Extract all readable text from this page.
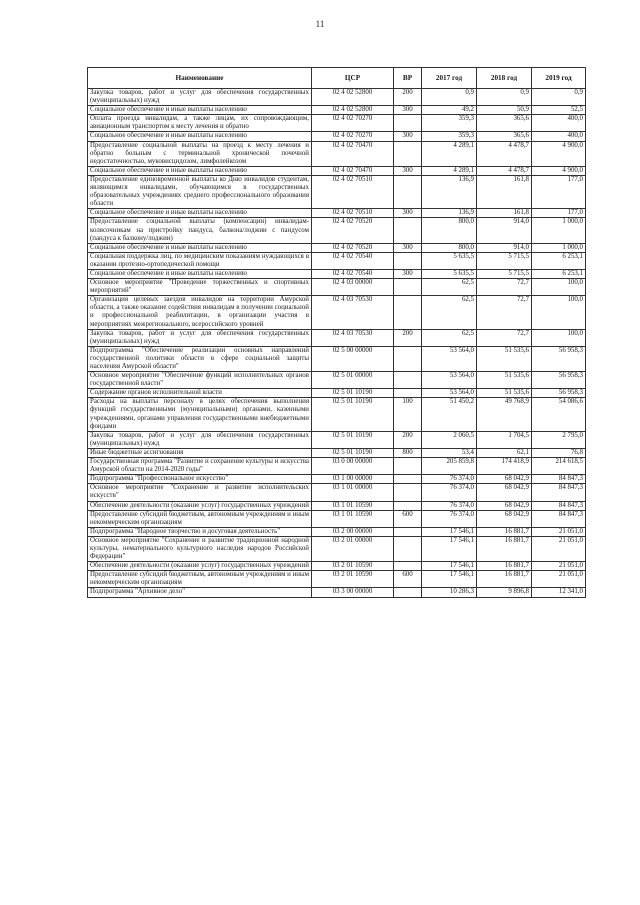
11
Наименование	ЦСР	ВР	2017 год	2018 год	2019 год
Закупка товаров, работ и услуг для обеспечения государственных (муниципальных) нужд	02 4 02 52800	200	0,9	0,9	0,9
Социальное обеспечение и иные выплаты населению	02 4 02 52800	300	49,2	50,9	52,5
Оплата проезда инвалидам, а также лицам, их сопровождающим, авиационным транспортом к месту лечения и обратно	02 4 02 70270		359,3	365,6	400,0
Социальное обеспечение и иные выплаты населению	02 4 02 70270	300	359,3	365,6	400,0
Предоставление социальной выплаты на проезд к месту лечения и обратно больным с терминальной хронической почечной недостаточностью, муковисцидозом, лимфолейкозом	02 4 02 70470		4 289,1	4 478,7	4 900,0
Социальное обеспечение и иные выплаты населению	02 4 02 70470	300	4 289,1	4 478,7	4 900,0
Предоставление единовременной выплаты ко Дню инвалидов студентам, являющимся инвалидами, обучающимся в государственных образовательных учреждениях среднего профессионального образования области	02 4 02 70510		136,9	161,8	177,0
Социальное обеспечение и иные выплаты населению	02 4 02 70510	300	136,9	161,8	177,0
Предоставление социальной выплаты (компенсации) инвалидам-колясочникам на пристройку пандуса, балкона/лоджии с пандусом (пандуса к балкону/лоджии)	02 4 02 70520		800,0	914,0	1 000,0
Социальное обеспечение и иные выплаты населению	02 4 02 70520	300	800,0	914,0	1 000,0
Социальная поддержка лиц, по медицинским показаниям нуждающихся в оказании протезно-ортопедической помощи	02 4 02 70540		5 635,5	5 715,5	6 253,1
Социальное обеспечение и иные выплаты населению	02 4 02 70540	300	5 635,5	5 715,5	6 253,1
Основное мероприятие "Проведение торжественных и спортивных мероприятий"	02 4 03 00000		62,5	72,7	100,0
Организация целевых заездов инвалидов на территории Амурской области, а также оказание содействия инвалидам в получении социальной и профессиональной реабилитации, в организации участия в мероприятиях межрегионального, всероссийского уровней	02 4 03 70530		62,5	72,7	100,0
Закупка товаров, работ и услуг для обеспечения государственных (муниципальных) нужд	02 4 03 70530	200	62,5	72,7	100,0
Подпрограмма "Обеспечение реализации основных направлений государственной политики области в сфере социальной защиты населения Амурской области"	02 5 00 00000		53 564,0	51 535,6	56 958,3
Основное мероприятие "Обеспечение функций исполнительных органов государственной власти"	02 5 01 00000		53 564,0	51 535,6	56 958,3
Содержание органов исполнительной власти	02 5 01 10190		53 564,0	51 535,6	56 958,3
Расходы на выплаты персоналу в целях обеспечения выполнения функций государственными (муниципальными) органами, казенными учреждениями, органами управления государственными внебюджетными фондами	02 5 01 10190	100	51 450,2	49 768,9	54 086,6
Закупка товаров, работ и услуг для обеспечения государственных (муниципальных) нужд	02 5 01 10190	200	2 060,5	1 704,5	2 795,0
Иные бюджетные ассигнования	02 5 01 10190	800	53,4	62,1	76,8
Государственная программа "Развитие и сохранение культуры и искусства Амурской области на 2014-2020 годы"	03 0 00 00000		205 859,8	174 418,9	214 618,5
Подпрограмма "Профессиональное искусство"	03 1 00 00000		76 374,0	68 042,9	84 847,3
Основное мероприятие "Сохранение и развитие исполнительских искусств"	03 1 01 00000		76 374,0	68 042,9	84 847,3
Обеспечение деятельности (оказание услуг) государственных учреждений	03 1 01 10590		76 374,0	68 042,9	84 847,3
Предоставление субсидий бюджетным, автономным учреждениям и иным некоммерческим организациям	03 1 01 10590	600	76 374,0	68 042,9	84 847,3
Подпрограмма "Народное творчество и досуговая деятельность"	03 2 00 00000		17 546,1	16 881,7	21 051,0
Основное мероприятие "Сохранение и развитие традиционной народной культуры, нематериального культурного наследия народов Российской Федерации"	03 2 01 00000		17 546,1	16 881,7	21 051,0
Обеспечение деятельности (оказание услуг) государственных учреждений	03 2 01 10590		17 546,1	16 881,7	21 051,0
Предоставление субсидий бюджетным, автономным учреждениям и иным некоммерческим организациям	03 2 01 10590	600	17 546,1	16 881,7	21 051,0
Подпрограмма "Архивное дело"	03 3 00 00000		10 286,3	9 896,8	12 341,0
